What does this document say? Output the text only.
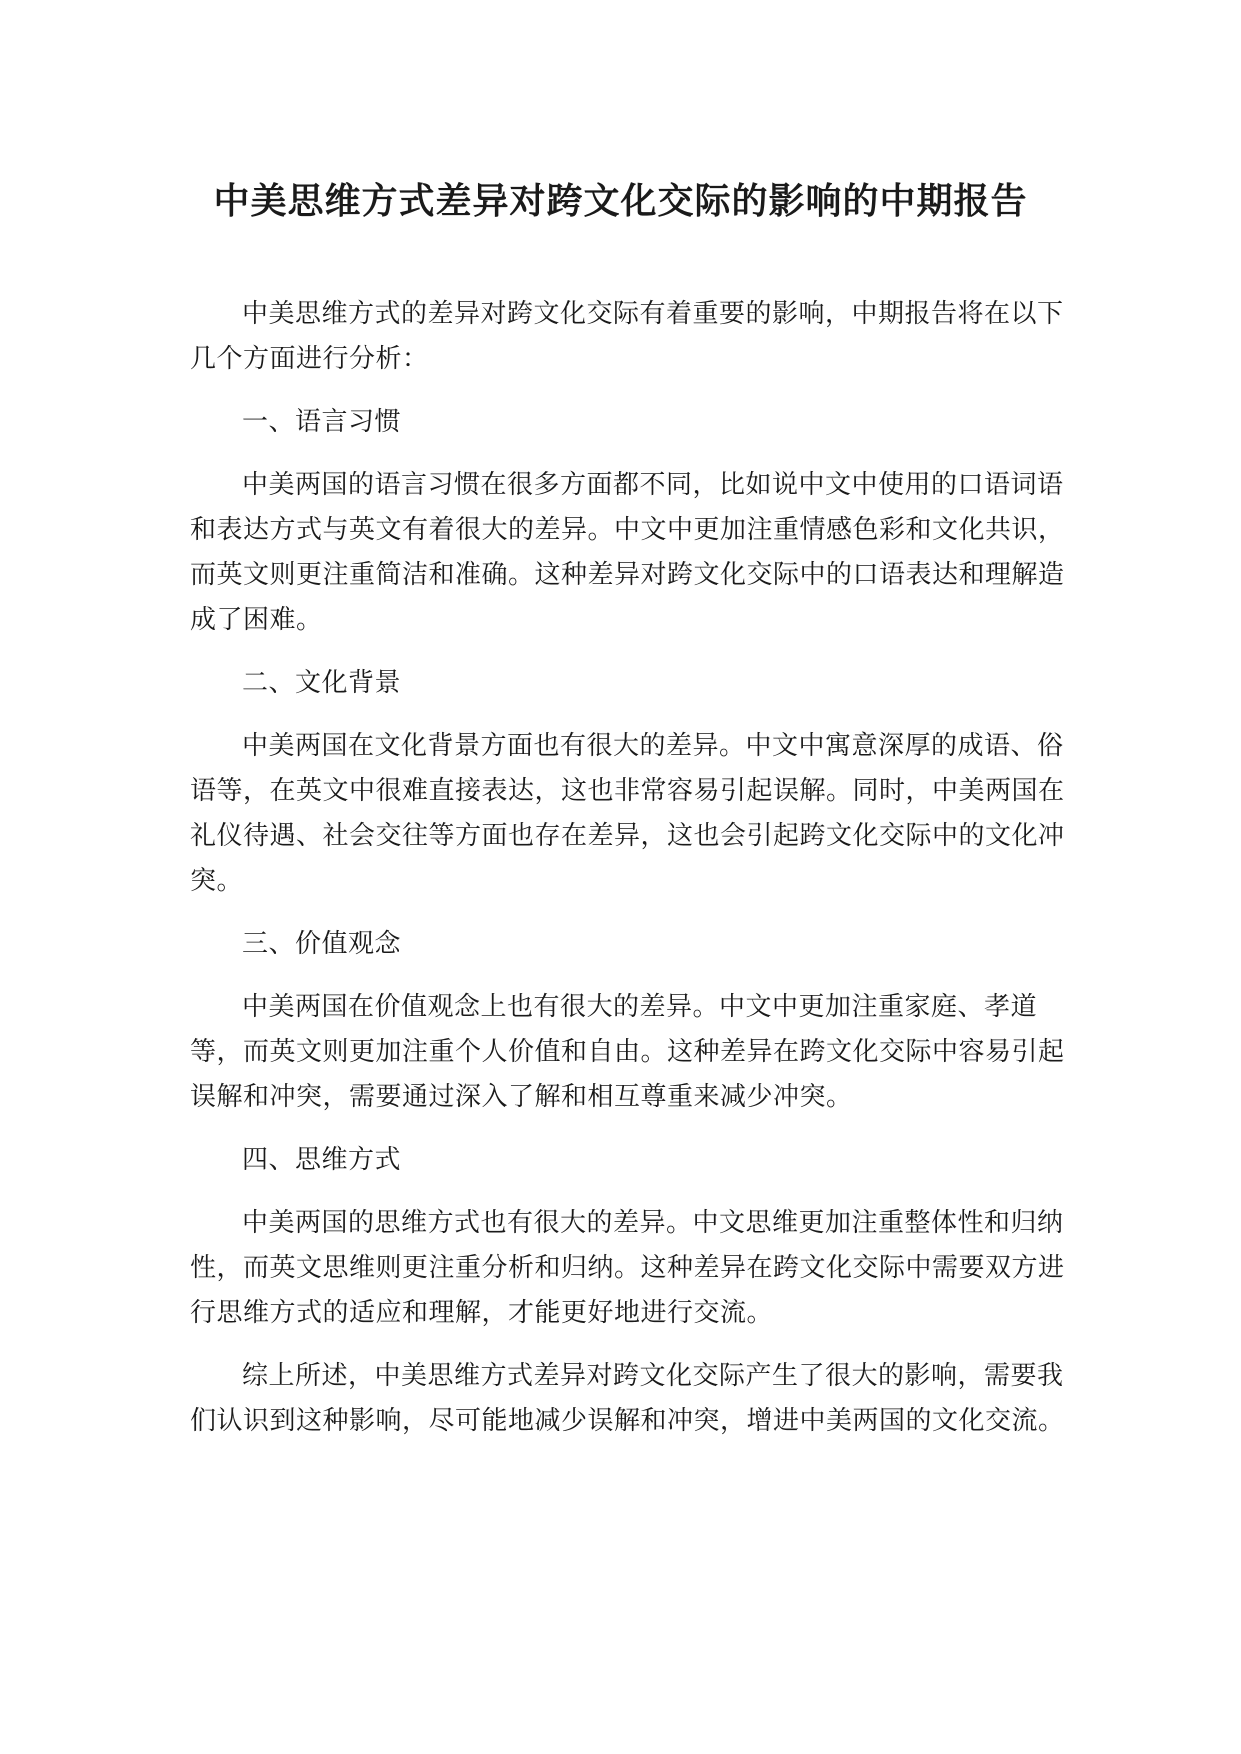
中美思维方式差异对跨文化交际的影响的中期报告

中美思维方式的差异对跨文化交际有着重要的影响，中期报告将在以下几个方面进行分析：

一、语言习惯

中美两国的语言习惯在很多方面都不同，比如说中文中使用的口语词语和表达方式与英文有着很大的差异。中文中更加注重情感色彩和文化共识，而英文则更注重简洁和准确。这种差异对跨文化交际中的口语表达和理解造成了困难。

二、文化背景

中美两国在文化背景方面也有很大的差异。中文中寓意深厚的成语、俗语等，在英文中很难直接表达，这也非常容易引起误解。同时，中美两国在礼仪待遇、社会交往等方面也存在差异，这也会引起跨文化交际中的文化冲突。

三、价值观念

中美两国在价值观念上也有很大的差异。中文中更加注重家庭、孝道等，而英文则更加注重个人价值和自由。这种差异在跨文化交际中容易引起误解和冲突，需要通过深入了解和相互尊重来减少冲突。

四、思维方式

中美两国的思维方式也有很大的差异。中文思维更加注重整体性和归纳性，而英文思维则更注重分析和归纳。这种差异在跨文化交际中需要双方进行思维方式的适应和理解，才能更好地进行交流。

综上所述，中美思维方式差异对跨文化交际产生了很大的影响，需要我们认识到这种影响，尽可能地减少误解和冲突，增进中美两国的文化交流。
